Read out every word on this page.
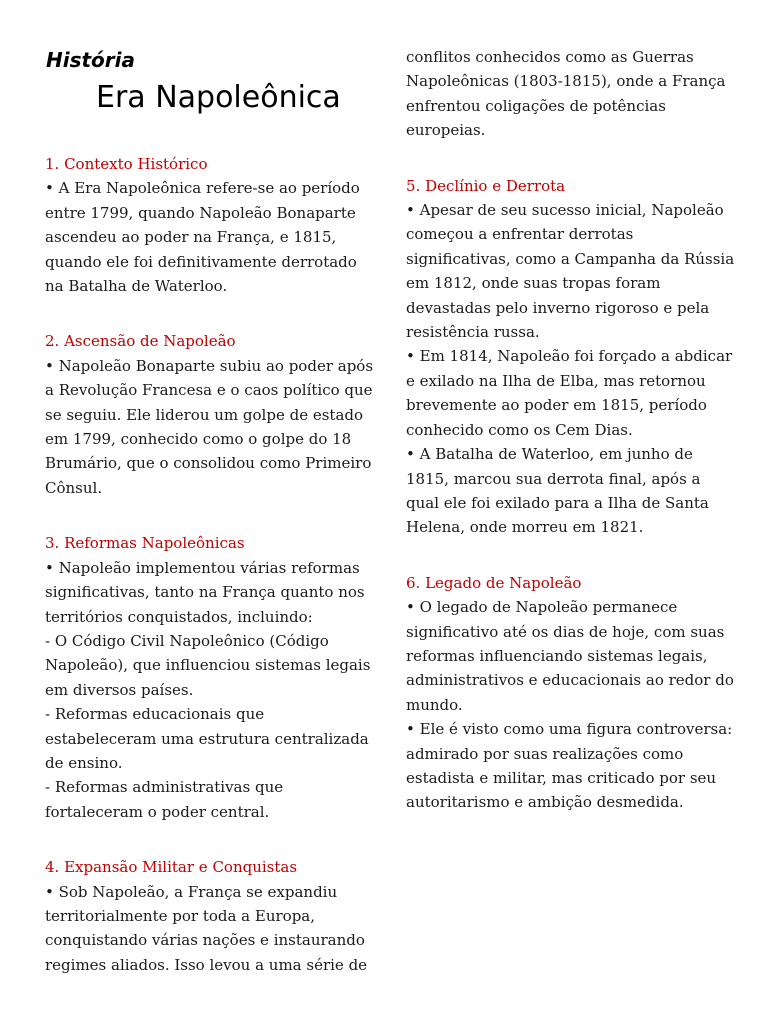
História
Era Napoleônica
1. Contexto Histórico
• A Era Napoleônica refere-se ao período entre 1799, quando Napoleão Bonaparte ascendeu ao poder na França, e 1815, quando ele foi definitivamente derrotado na Batalha de Waterloo.
2. Ascensão de Napoleão
• Napoleão Bonaparte subiu ao poder após a Revolução Francesa e o caos político que se seguiu. Ele liderou um golpe de estado em 1799, conhecido como o golpe do 18 Brumário, que o consolidou como Primeiro Cônsul.
3. Reformas Napoleônicas
• Napoleão implementou várias reformas significativas, tanto na França quanto nos territórios conquistados, incluindo:
- O Código Civil Napoleônico (Código Napoleão), que influenciou sistemas legais em diversos países.
- Reformas educacionais que estabeleceram uma estrutura centralizada de ensino.
- Reformas administrativas que fortaleceram o poder central.
4. Expansão Militar e Conquistas
• Sob Napoleão, a França se expandiu territorialmente por toda a Europa, conquistando várias nações e instaurando regimes aliados. Isso levou a uma série de
conflitos conhecidos como as Guerras Napoleônicas (1803-1815), onde a França enfrentou coligações de potências europeias.
5. Declínio e Derrota
• Apesar de seu sucesso inicial, Napoleão começou a enfrentar derrotas significativas, como a Campanha da Rússia em 1812, onde suas tropas foram devastadas pelo inverno rigoroso e pela resistência russa.
• Em 1814, Napoleão foi forçado a abdicar e exilado na Ilha de Elba, mas retornou brevemente ao poder em 1815, período conhecido como os Cem Dias.
• A Batalha de Waterloo, em junho de 1815, marcou sua derrota final, após a qual ele foi exilado para a Ilha de Santa Helena, onde morreu em 1821.
6. Legado de Napoleão
• O legado de Napoleão permanece significativo até os dias de hoje, com suas reformas influenciando sistemas legais, administrativos e educacionais ao redor do mundo.
• Ele é visto como uma figura controversa: admirado por suas realizações como estadista e militar, mas criticado por seu autoritarismo e ambição desmedida.
